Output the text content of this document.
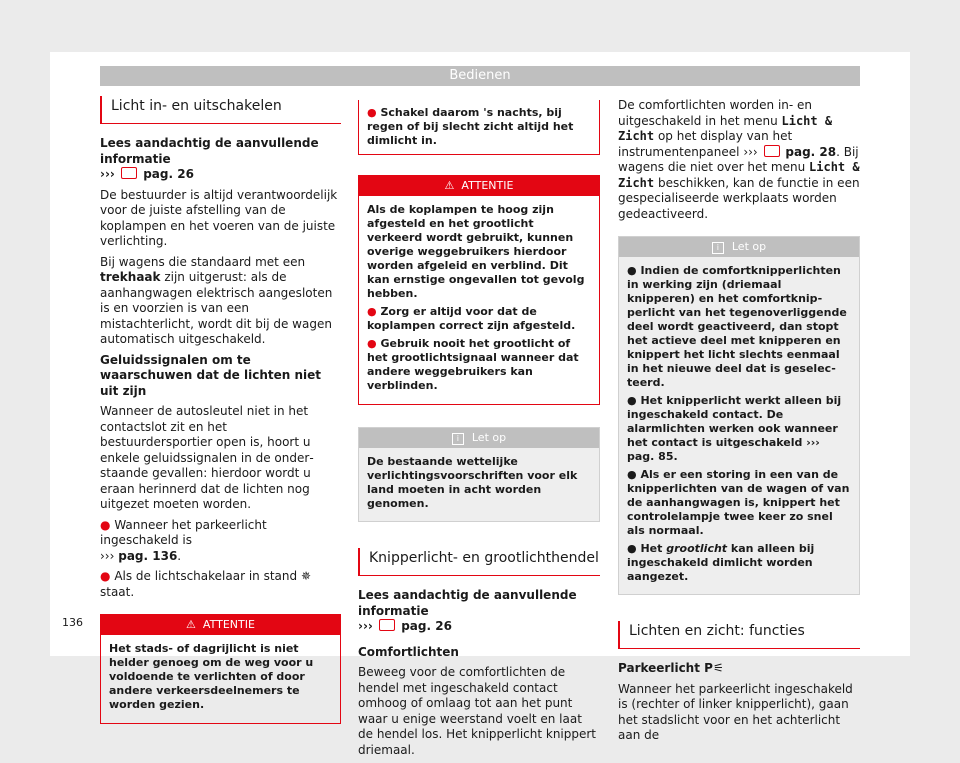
Bedienen
Licht in- en uitschakelen

Lees aandachtig de aanvullende informatie
››› pag. 26

De bestuurder is altijd verantwoordelijk voor de juiste afstelling van de koplampen en het voeren van de juiste verlichting.

Bij wagens die standaard met een trekhaak zijn uitgerust: als de aanhangwagen elektrisch aangesloten is en voorzien is van een mistachterlicht, wordt dit bij de wagen automatisch uitgeschakeld.

Geluidssignalen om te waarschuwen dat de lichten niet uit zijn

Wanneer de autosleutel niet in het contactslot zit en het bestuurdersportier open is, hoort u enkele geluidssignalen in de onderstaande gevallen: hierdoor wordt u eraan herinnerd dat de lichten nog uitgezet moeten worden.

● Wanneer het parkeerlicht ingeschakeld is
››› pag. 136.

● Als de lichtschakelaar in stand ✵ staat.

⚠ ATTENTIE

Het stads- of dagrijlicht is niet helder genoeg om de weg voor u voldoende te verlichten of door andere verkeersdeelnemers te worden gezien.

● Schakel daarom 's nachts, bij regen of bij slecht zicht altijd het dimlicht in.

⚠ ATTENTIE

Als de koplampen te hoog zijn afgesteld en het grootlicht verkeerd wordt gebruikt, kunnen overige weggebruikers hierdoor worden afgeleid en verblind. Dit kan ernstige ongevallen tot gevolg hebben.

● Zorg er altijd voor dat de koplampen correct zijn afgesteld.

● Gebruik nooit het grootlicht of het grootlichtsignaal wanneer dat andere weggebruikers kan verblinden.

i Let op

De bestaande wettelijke verlichtingsvoorschriften voor elk land moeten in acht worden genomen.

Knipperlicht- en grootlichthendel

Lees aandachtig de aanvullende informatie
››› pag. 26

Comfortlichten

Beweeg voor de comfortlichten de hendel met ingeschakeld contact omhoog of omlaag tot aan het punt waar u enige weerstand voelt en laat de hendel los. Het knipperlicht knippert driemaal.

De comfortlichten worden in- en uitgeschakeld in het menu Licht & Zicht op het display van het instrumentenpaneel ››› pag. 28. Bij wagens die niet over het menu Licht & Zicht beschikken, kan de functie in een gespecialiseerde werkplaats worden gedeactiveerd.

i Let op

● Indien de comfortknipperlichten in werking zijn (driemaal knipperen) en het comfortknipperlicht van het tegenoverliggende deel wordt geactiveerd, dan stopt het actieve deel met knipperen en knippert het licht slechts eenmaal in het nieuwe deel dat is geselecteerd.

● Het knipperlicht werkt alleen bij ingeschakeld contact. De alarmlichten werken ook wanneer het contact is uitgeschakeld ››› pag. 85.

● Als er een storing in een van de knipperlichten van de wagen of van de aanhangwagen is, knippert het controlelampje twee keer zo snel als normaal.

● Het grootlicht kan alleen bij ingeschakeld dimlicht worden aangezet.

Lichten en zicht: functies

Parkeerlicht P⚟

Wanneer het parkeerlicht ingeschakeld is (rechter of linker knipperlicht), gaan het stadslicht voor en het achterlicht aan de

136
